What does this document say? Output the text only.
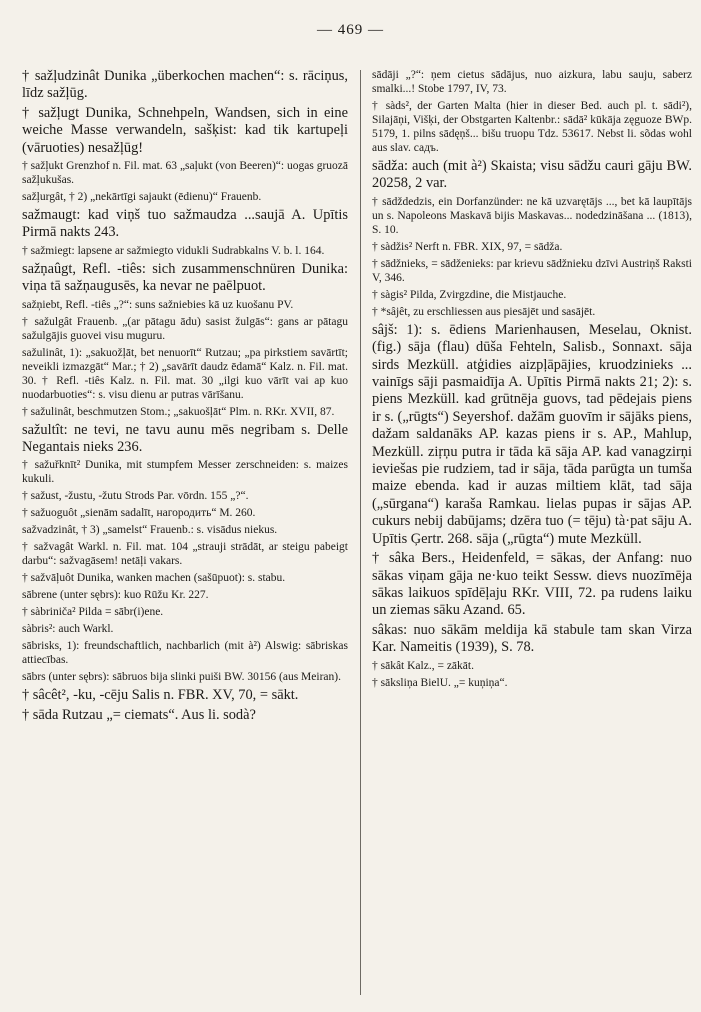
— 469 —

† sažļudzinât Dunika „überkochen machen“: s. rāciņus, līdz sažļūg.

† sažļugt Dunika, Schnehpeln, Wandsen, sich in eine weiche Masse verwandeln, sašķist: kad tik kartupeļi (vāruoties) nesažļūg!

† sažļukt Grenzhof n. Fil. mat. 63 „saļukt (von Beeren)“: uogas gruozā sažļukušas.

sažļurgât, † 2) „nekārtīgi sajaukt (ēdienu)“ Frauenb.

sažmaugt: kad viņš tuo sažmaudza ...saujā A. Upītis Pirmā nakts 243.

† sažmiegt: lapsene ar sažmiegto vidukli Sudrabkalns V. b. l. 164.

sažņaûgt, Refl. -tiês: sich zusammenschnüren Dunika: viņa tā sažņaugusēs, ka nevar ne paēlpuot.

sažņiebt, Refl. -tiês „?“: suns sažniebies kā uz kuošanu PV.

† sažulgât Frauenb. „(ar pātagu ādu) sasist žulgās“: gans ar pātagu sažulgājis guovei visu muguru.

sažulinât, 1): „sakuožļāt, bet nenuorīt“ Rutzau; „pa pirkstiem savārtīt; neveikli izmazgāt“ Mar.; † 2) „savārīt daudz ēdamā“ Kalz. n. Fil. mat. 30. † Refl. -tiês Kalz. n. Fil. mat. 30 „ilgi kuo vārīt vai ap kuo nuodarbuoties“: s. visu dienu ar putras vārīšanu.

† sažulinât, beschmutzen Stom.; „sakuošļāt“ Plm. n. RKr. XVII, 87.

sažultît: ne tevi, ne tavu aunu mēs negribam s. Delle Negantais nieks 236.

† sažuřknīt² Dunika, mit stumpfem Messer zerschneiden: s. maizes kukuli.

† sažust, -žustu, -žutu Strods Par. vōrdn. 155 „?“.

† sažuoguôt „sienām sadalīt, нагородить“ M. 260.

sažvadzinât, † 3) „samelst“ Frauenb.: s. visādus niekus.

† sažvagât Warkl. n. Fil. mat. 104 „strauji strādāt, ar steigu pabeigt darbu“: sažvagāsem! netāļi vakars.

† sažvāļuôt Dunika, wanken machen (sašūpuot): s. stabu.

sābrene (unter sębrs): kuo Rūžu Kr. 227.

† sàbriniča² Pilda = sābr(i)ene.

sàbris²: auch Warkl.

sābrisks, 1): freundschaftlich, nachbarlich (mit à²) Alswig: sābriskas attiecības.

sābrs (unter sębrs): sābruos bija slinki puiši BW. 30156 (aus Meiran).

† sâcêt², -ku, -cēju Salis n. FBR. XV, 70, = sākt.

† sāda Rutzau „= ciemats“. Aus li. sodà?

sādāji „?“: ņem cietus sādājus, nuo aizkura, labu sauju, saberz smalki...! Stobe 1797, IV, 73.

† sàds², der Garten Malta (hier in dieser Bed. auch pl. t. sādi²), Silajāņi, Višķi, der Obstgarten Kaltenbr.: sādā² kūkāja zęguoze BWp. 5179, 1. pilns sādęņš... bišu truopu Tdz. 53617. Nebst li. sõdas wohl aus slav. садъ.

sādža: auch (mit à²) Skaista; visu sādžu cauri gāju BW. 20258, 2 var.

† sādždedzis, ein Dorfanzünder: ne kā uzvarętājs ..., bet kā laupītājs un s. Napoleons Maskavā bijis Maskavas... nodedzināšana ... (1813), S. 10.

† sàdžis² Nerft n. FBR. XIX, 97, = sādža.

† sādžnieks, = sādženieks: par krievu sādžnieku dzīvi Austriņš Raksti V, 346.

† sàgis² Pilda, Zvirgzdine, die Mistjauche.

† *sâjêt, zu erschliessen aus piesājēt und sasājēt.

sâjš: 1): s. ēdiens Marienhausen, Meselau, Oknist. (fig.) sāja (flau) dūša Fehteln, Salisb., Sonnaxt. sāja sirds Mezküll. atģidies aizpļāpājies, kruodzinieks ... vainīgs sāji pasmaidīja A. Upītis Pirmā nakts 21; 2): s. piens Mezküll. kad grūtnēja guovs, tad pēdejais piens ir s. („rūgts“) Seyershof. dažām guovīm ir sājāks piens, dažam saldanāks AP. kazas piens ir s. AP., Mahlup, Mezküll. ziŗņu putra ir tāda kā sāja AP. kad vanagzirņi ieviešas pie rudziem, tad ir sāja, tāda parūgta un tumša maize ebenda. kad ir auzas miltiem klāt, tad sāja („sūrgana“) karaša Ramkau. lielas pupas ir sājas AP. cukurs nebij dabūjams; dzēra tuo (= tēju) tà·pat sāju A. Upītis Ģertr. 268. sāja („rūgta“) mute Mezküll.

† sâka Bers., Heidenfeld, = sākas, der Anfang: nuo sākas viņam gāja ne·kuo teikt Sessw. dievs nuozīmēja sākas laikuos spīdēļaju RKr. VIII, 72. pa rudens laiku un ziemas sāku Azand. 65.

sâkas: nuo sākām meldija kā stabule tam skan Virza Kar. Nameitis (1939), S. 78.

† sākât Kalz., = zākāt.

† sāksliņa BielU. „= kuņiņa“.
